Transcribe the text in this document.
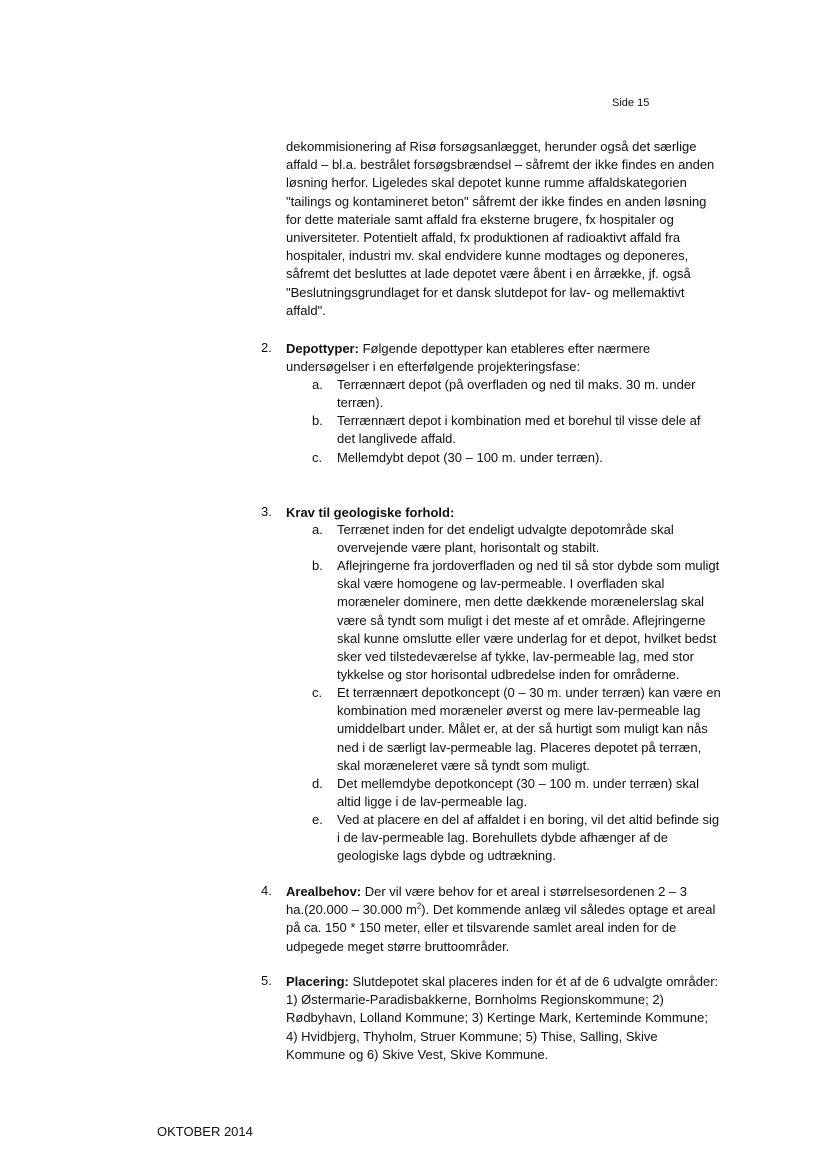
Side 15

dekommisionering af Risø forsøgsanlægget, herunder også det særlige

affald – bl.a. bestrålet forsøgsbrændsel – såfremt der ikke findes en anden

løsning herfor. Ligeledes skal depotet kunne rumme affaldskategorien

"tailings og kontamineret beton" såfremt der ikke findes en anden løsning

for dette materiale samt affald fra eksterne brugere, fx hospitaler og

universiteter. Potentielt affald, fx produktionen af radioaktivt affald fra

hospitaler, industri mv. skal endvidere kunne modtages og deponeres,

såfremt det besluttes at lade depotet være åbent i en årrække, jf. også

"Beslutningsgrundlaget for et dansk slutdepot for lav- og mellemaktivt

affald".

2. Depottyper: Følgende depottyper kan etableres efter nærmere

undersøgelser i en efterfølgende projekteringsfase:

a. Terrænnært depot (på overfladen og ned til maks. 30 m. under

terræn).

b. Terrænnært depot i kombination med et borehul til visse dele af

det langlivede affald.

c. Mellemdybt depot (30 – 100 m. under terræn).

3. Krav til geologiske forhold:

a. Terrænet inden for det endeligt udvalgte depotområde skal

overvejende være plant, horisontalt og stabilt.

b. Aflejringerne fra jordoverfladen og ned til så stor dybde som muligt

skal være homogene og lav-permeable. I overfladen skal

moræneler dominere, men dette dækkende morænelerslag skal

være så tyndt som muligt i det meste af et område. Aflejringerne

skal kunne omslutte eller være underlag for et depot, hvilket bedst

sker ved tilstedeværelse af tykke, lav-permeable lag, med stor

tykkelse og stor horisontal udbredelse inden for områderne.

c. Et terrænnært depotkoncept (0 – 30 m. under terræn) kan være en

kombination med moræneler øverst og mere lav-permeable lag

umiddelbart under. Målet er, at der så hurtigt som muligt kan nås

ned i de særligt lav-permeable lag. Placeres depotet på terræn,

skal moræneleret være så tyndt som muligt.

d. Det mellemdybe depotkoncept (30 – 100 m. under terræn) skal

altid ligge i de lav-permeable lag.

e. Ved at placere en del af affaldet i en boring, vil det altid befinde sig

i de lav-permeable lag. Borehullets dybde afhænger af de

geologiske lags dybde og udtrækning.

4. Arealbehov: Der vil være behov for et areal i størrelsesordenen 2 – 3

ha.(20.000 – 30.000 $m^2$). Det kommende anlæg vil således optage et areal

på ca. 150 * 150 meter, eller et tilsvarende samlet areal inden for de

udpegede meget større bruttoområder.

5. Placering: Slutdepotet skal placeres inden for ét af de 6 udvalgte områder:

1) Østermarie-Paradisbakkerne, Bornholms Regionskommune; 2)

Rødbyhavn, Lolland Kommune; 3) Kertinge Mark, Kerteminde Kommune;

4) Hvidbjerg, Thyholm, Struer Kommune; 5) Thise, Salling, Skive

Kommune og 6) Skive Vest, Skive Kommune.

OKTOBER 2014
